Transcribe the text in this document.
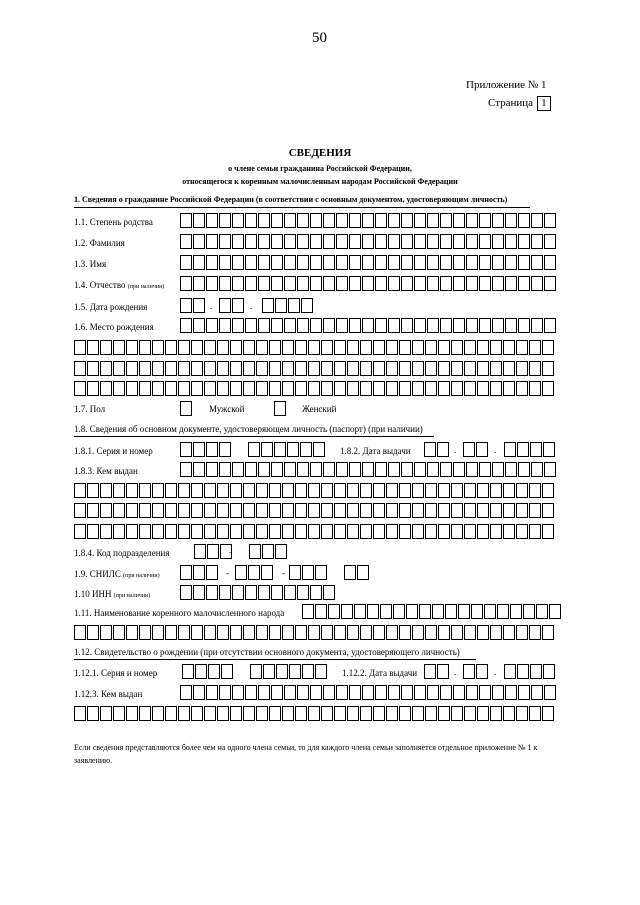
50
Приложение № 1
Страница 1
СВЕДЕНИЯ
о члене семьи гражданина Российской Федерации,
относящегося к коренным малочисленным народам Российской Федерации
1. Сведения о гражданине Российской Федерации (в соответствии с основным документом, удостоверяющим личность)
1.1. Степень родства
1.2. Фамилия
1.3. Имя
1.4. Отчество (при наличии)
1.5. Дата рождения	.	.
1.6. Место рождения
1.7. Пол	Мужской	Женский
1.8. Сведения об основном документе, удостоверяющем личность (паспорт) (при наличии)
1.8.1. Серия и номер	1.8.2. Дата выдачи	.	.
1.8.3. Кем выдан
1.8.4. Код подразделения	-
1.9. СНИЛС (при наличии)	-	-
1.10 ИНН (при наличии)
1.11. Наименование коренного малочисленного народа
1.12. Свидетельство о рождении (при отсутствии основного документа, удостоверяющего личность)
1.12.1. Серия и номер	1.12.2. Дата выдачи	.	.
1.12.3. Кем выдан
Если сведения представляются более чем на одного члена семьи, то для каждого члена семьи заполняется отдельное приложение № 1 к заявлению.
